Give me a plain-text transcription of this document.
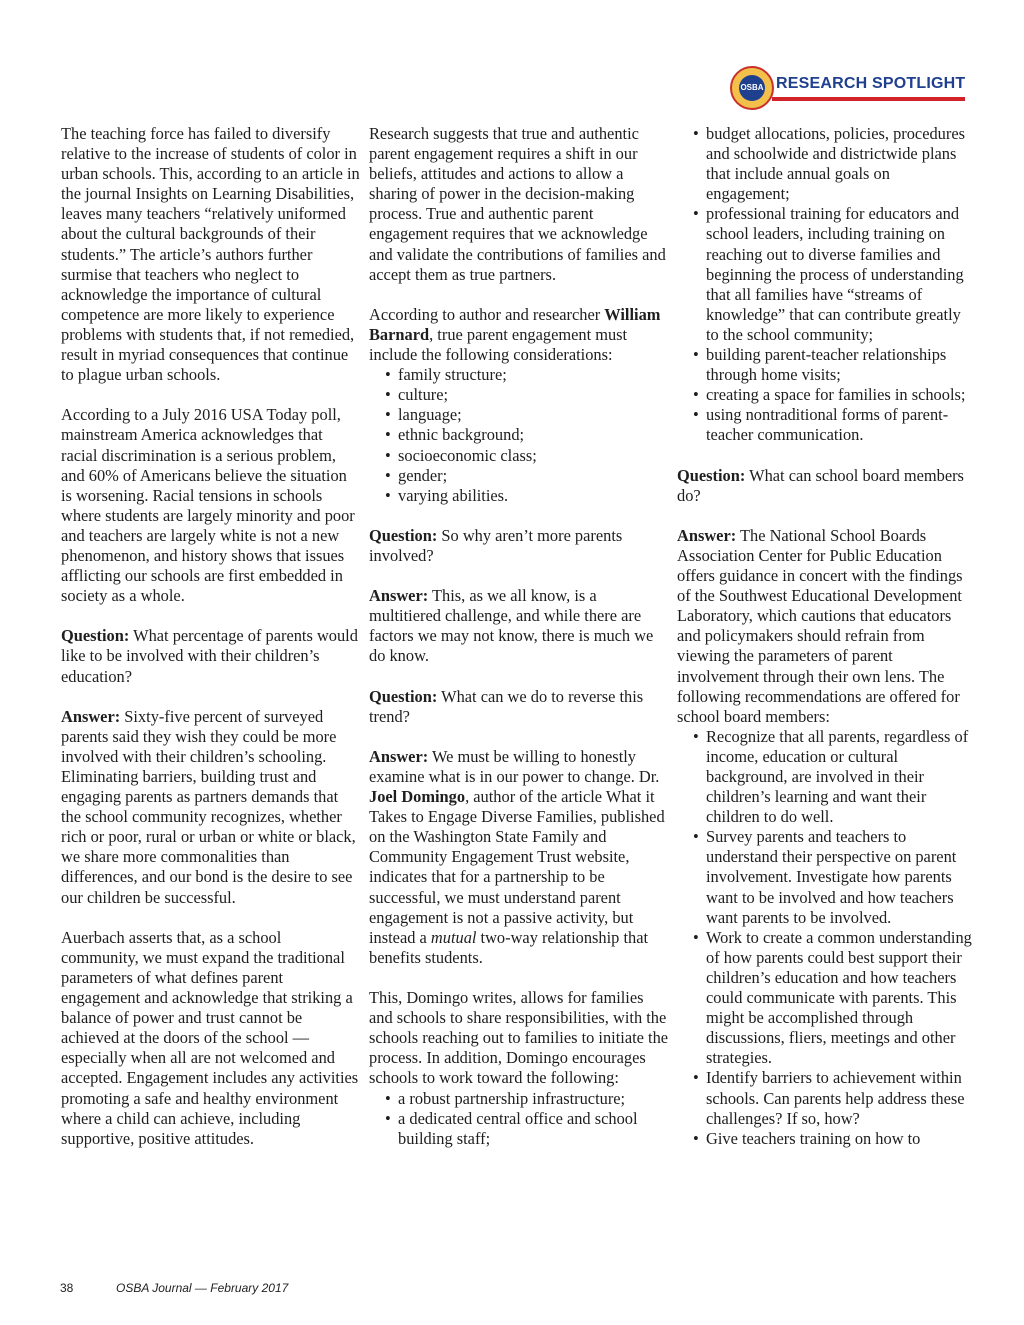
OSBA RESEARCH SPOTLIGHT

The teaching force has failed to diversify relative to the increase of students of color in urban schools. This, according to an article in the journal Insights on Learning Disabilities, leaves many teachers “relatively uniformed about the cultural backgrounds of their students.” The article’s authors further surmise that teachers who neglect to acknowledge the importance of cultural competence are more likely to experience problems with students that, if not remedied, result in myriad consequences that continue to plague urban schools.

According to a July 2016 USA Today poll, mainstream America acknowledges that racial discrimination is a serious problem, and 60% of Americans believe the situation is worsening. Racial tensions in schools where students are largely minority and poor and teachers are largely white is not a new phenomenon, and history shows that issues afflicting our schools are first embedded in society as a whole.

Question: What percentage of parents would like to be involved with their children’s education?

Answer: Sixty-five percent of surveyed parents said they wish they could be more involved with their children’s schooling. Eliminating barriers, building trust and engaging parents as partners demands that the school community recognizes, whether rich or poor, rural or urban or white or black, we share more commonalities than differences, and our bond is the desire to see our children be successful.

Auerbach asserts that, as a school community, we must expand the traditional parameters of what defines parent engagement and acknowledge that striking a balance of power and trust cannot be achieved at the doors of the school — especially when all are not welcomed and accepted. Engagement includes any activities promoting a safe and healthy environment where a child can achieve, including supportive, positive attitudes.

Research suggests that true and authentic parent engagement requires a shift in our beliefs, attitudes and actions to allow a sharing of power in the decision-making process. True and authentic parent engagement requires that we acknowledge and validate the contributions of families and accept them as true partners.

According to author and researcher William Barnard, true parent engagement must include the following considerations:

• family structure;
• culture;
• language;
• ethnic background;
• socioeconomic class;
• gender;
• varying abilities.

Question: So why aren’t more parents involved?

Answer: This, as we all know, is a multitiered challenge, and while there are factors we may not know, there is much we do know.

Question: What can we do to reverse this trend?

Answer: We must be willing to honestly examine what is in our power to change. Dr. Joel Domingo, author of the article What it Takes to Engage Diverse Families, published on the Washington State Family and Community Engagement Trust website, indicates that for a partnership to be successful, we must understand parent engagement is not a passive activity, but instead a mutual two-way relationship that benefits students.

This, Domingo writes, allows for families and schools to share responsibilities, with the schools reaching out to families to initiate the process. In addition, Domingo encourages schools to work toward the following:

• a robust partnership infrastructure;
• a dedicated central office and school building staff;
• budget allocations, policies, procedures and schoolwide and districtwide plans that include annual goals on engagement;
• professional training for educators and school leaders, including training on reaching out to diverse families and beginning the process of understanding that all families have “streams of knowledge” that can contribute greatly to the school community;
• building parent-teacher relationships through home visits;
• creating a space for families in schools;
• using nontraditional forms of parent-teacher communication.

Question: What can school board members do?

Answer: The National School Boards Association Center for Public Education offers guidance in concert with the findings of the Southwest Educational Development Laboratory, which cautions that educators and policymakers should refrain from viewing the parameters of parent involvement through their own lens. The following recommendations are offered for school board members:

• Recognize that all parents, regardless of income, education or cultural background, are involved in their children’s learning and want their children to do well.
• Survey parents and teachers to understand their perspective on parent involvement. Investigate how parents want to be involved and how teachers want parents to be involved.
• Work to create a common understanding of how parents could best support their children’s education and how teachers could communicate with parents. This might be accomplished through discussions, fliers, meetings and other strategies.
• Identify barriers to achievement within schools. Can parents help address these challenges? If so, how?
• Give teachers training on how to
38	OSBA Journal — February 2017
